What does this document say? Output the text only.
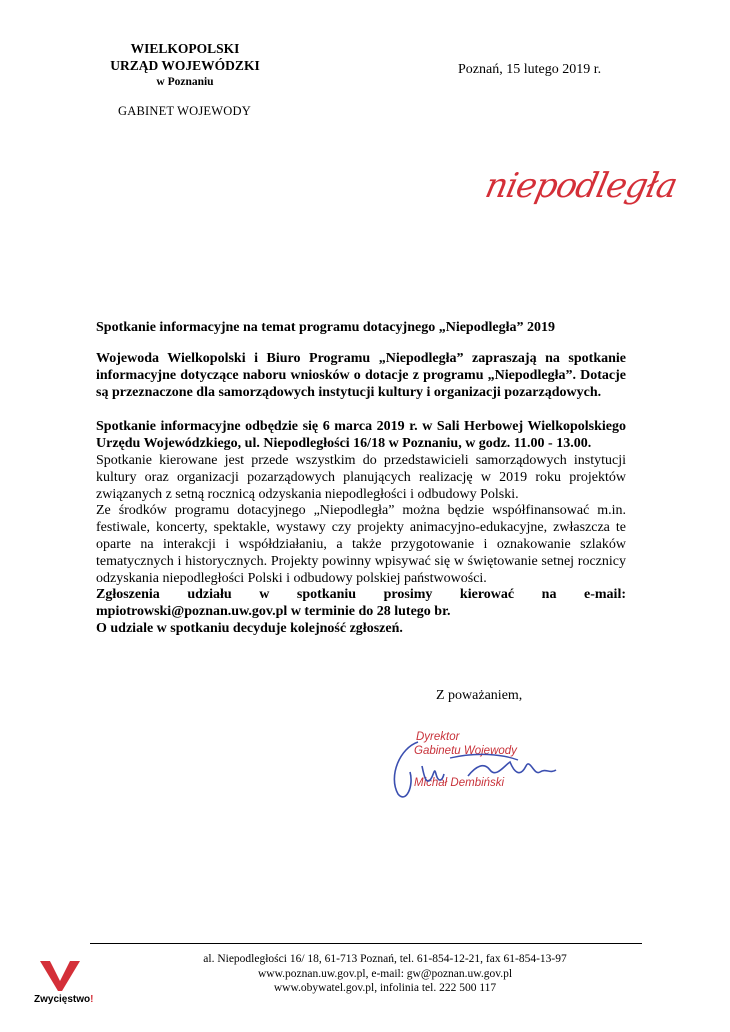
WIELKOPOLSKI
URZĄD WOJEWÓDZKI
w Poznaniu
GABINET WOJEWODY
Poznań, 15 lutego 2019 r.
niepodległa
Spotkanie informacyjne na temat programu dotacyjnego „Niepodległa” 2019

Wojewoda Wielkopolski i Biuro Programu „Niepodległa” zapraszają na spotkanie informacyjne dotyczące naboru wniosków o dotacje z programu „Niepodległa”. Dotacje są przeznaczone dla samorządowych instytucji kultury i organizacji pozarządowych.

Spotkanie informacyjne odbędzie się 6 marca 2019 r. w Sali Herbowej Wielkopolskiego Urzędu Wojewódzkiego, ul. Niepodległości 16/18 w Poznaniu, w godz. 11.00 - 13.00.

Spotkanie kierowane jest przede wszystkim do przedstawicieli samorządowych instytucji kultury oraz organizacji pozarządowych planujących realizację w 2019 roku projektów związanych z setną rocznicą odzyskania niepodległości i odbudowy Polski.

Ze środków programu dotacyjnego „Niepodległa” można będzie współfinansować m.in. festiwale, koncerty, spektakle, wystawy czy projekty animacyjno-edukacyjne, zwłaszcza te oparte na interakcji i współdziałaniu, a także przygotowanie i oznakowanie szlaków tematycznych i historycznych. Projekty powinny wpisywać się w świętowanie setnej rocznicy odzyskania niepodległości Polski i odbudowy polskiej państwowości.

Zgłoszenia udziału w spotkaniu prosimy kierować na e-mail:

mpiotrowski@poznan.uw.gov.pl w terminie do 28 lutego br.

O udziale w spotkaniu decyduje kolejność zgłoszeń.

Z poważaniem,
Dyrektor
Gabinetu Wojewody
Michał Dembiński
al. Niepodległości 16/ 18, 61-713 Poznań, tel. 61-854-12-21, fax 61-854-13-97
www.poznan.uw.gov.pl, e-mail: gw@poznan.uw.gov.pl
www.obywatel.gov.pl, infolinia tel. 222 500 117
Zwycięstwo!
